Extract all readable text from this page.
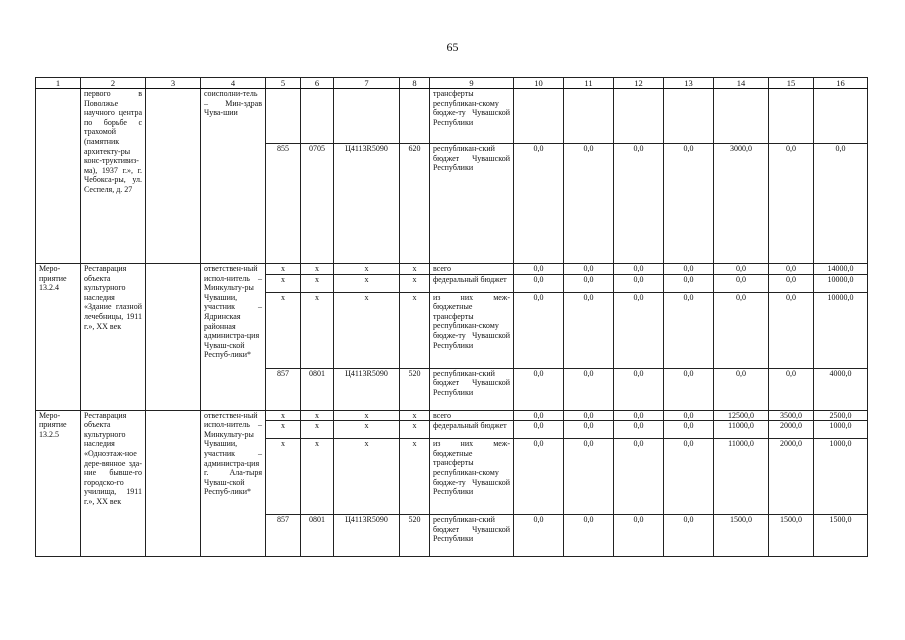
65
1	2	3	4	5	6	7	8	9	10	11	12	13	14	15	16
	первого в Поволжье научного центра по борьбе с трахомой (памятник архитекту-ры конс-труктивиз-ма), 1937 г.», г. Чебокса-ры, ул. Сеспеля, д. 27		соисполни-тель – Мин-здрав Чува-шии					трансферты республикан-скому бюдже-ту Чувашской Республики							
				855	0705	Ц4113R5090	620	республикан-ский бюджет Чувашской Республики	0,0	0,0	0,0	0,0	3000,0	0,0	0,0
Меро-приятие 13.2.4	Реставрация объекта культурного наследия «Здание глазной лечебницы, 1911 г.», XX век		ответствен-ный испол-нитель – Минкульту-ры Чувашии, участник – Ядринская районная администра-ция Чуваш-ской Респуб-лики*	х	х	х	х	всего	0,0	0,0	0,0	0,0	0,0	0,0	14000,0
				х	х	х	х	федеральный бюджет	0,0	0,0	0,0	0,0	0,0	0,0	10000,0
				х	х	х	х	из них меж-бюджетные трансферты республикан-скому бюдже-ту Чувашской Республики	0,0	0,0	0,0	0,0	0,0	0,0	10000,0
				857	0801	Ц4113R5090	520	республикан-ский бюджет Чувашской Республики	0,0	0,0	0,0	0,0	0,0	0,0	4000,0
Меро-приятие 13.2.5	Реставрация объекта культурного наследия «Одноэтаж-ное дере-вянное зда-ние бывше-го городско-го училища, 1911 г.», XX век		ответствен-ный испол-нитель – Минкульту-ры Чувашии, участник – администра-ция г. Ала-тыря Чуваш-ской Респуб-лики*	х	х	х	х	всего	0,0	0,0	0,0	0,0	12500,0	3500,0	2500,0
				х	х	х	х	федеральный бюджет	0,0	0,0	0,0	0,0	11000,0	2000,0	1000,0
				х	х	х	х	из них меж-бюджетные трансферты республикан-скому бюдже-ту Чувашской Республики	0,0	0,0	0,0	0,0	11000,0	2000,0	1000,0
				857	0801	Ц4113R5090	520	республикан-ский бюджет Чувашской Республики	0,0	0,0	0,0	0,0	1500,0	1500,0	1500,0
